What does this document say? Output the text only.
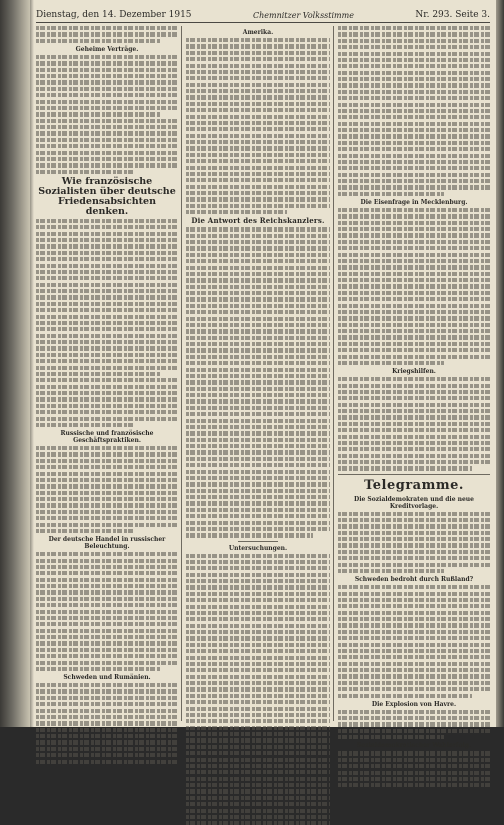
Dienstag, den 14. Dezember 1915	Chemnitzer Volksstimme	Nr. 293. Seite 3.
Geheime Verträge.
Wie französische Sozialisten über deutsche Friedensabsichten denken.
Russische und französische Geschäftspraktiken.
Der deutsche Handel in russischer Beleuchtung.
Schweden und Rumänien.
Amerika.
Die Antwort des Reichskanzlers.
Untersuchungen.
Die Eisenfrage in Mecklenburg.
Kriegshilfen.
Telegramme.
Die Sozialdemokraten und die neue Kreditvorlage.
Schweden bedroht durch Rußland?
Die Explosion von Havre.
Sozialdemokratischer Wahlerfolg.
